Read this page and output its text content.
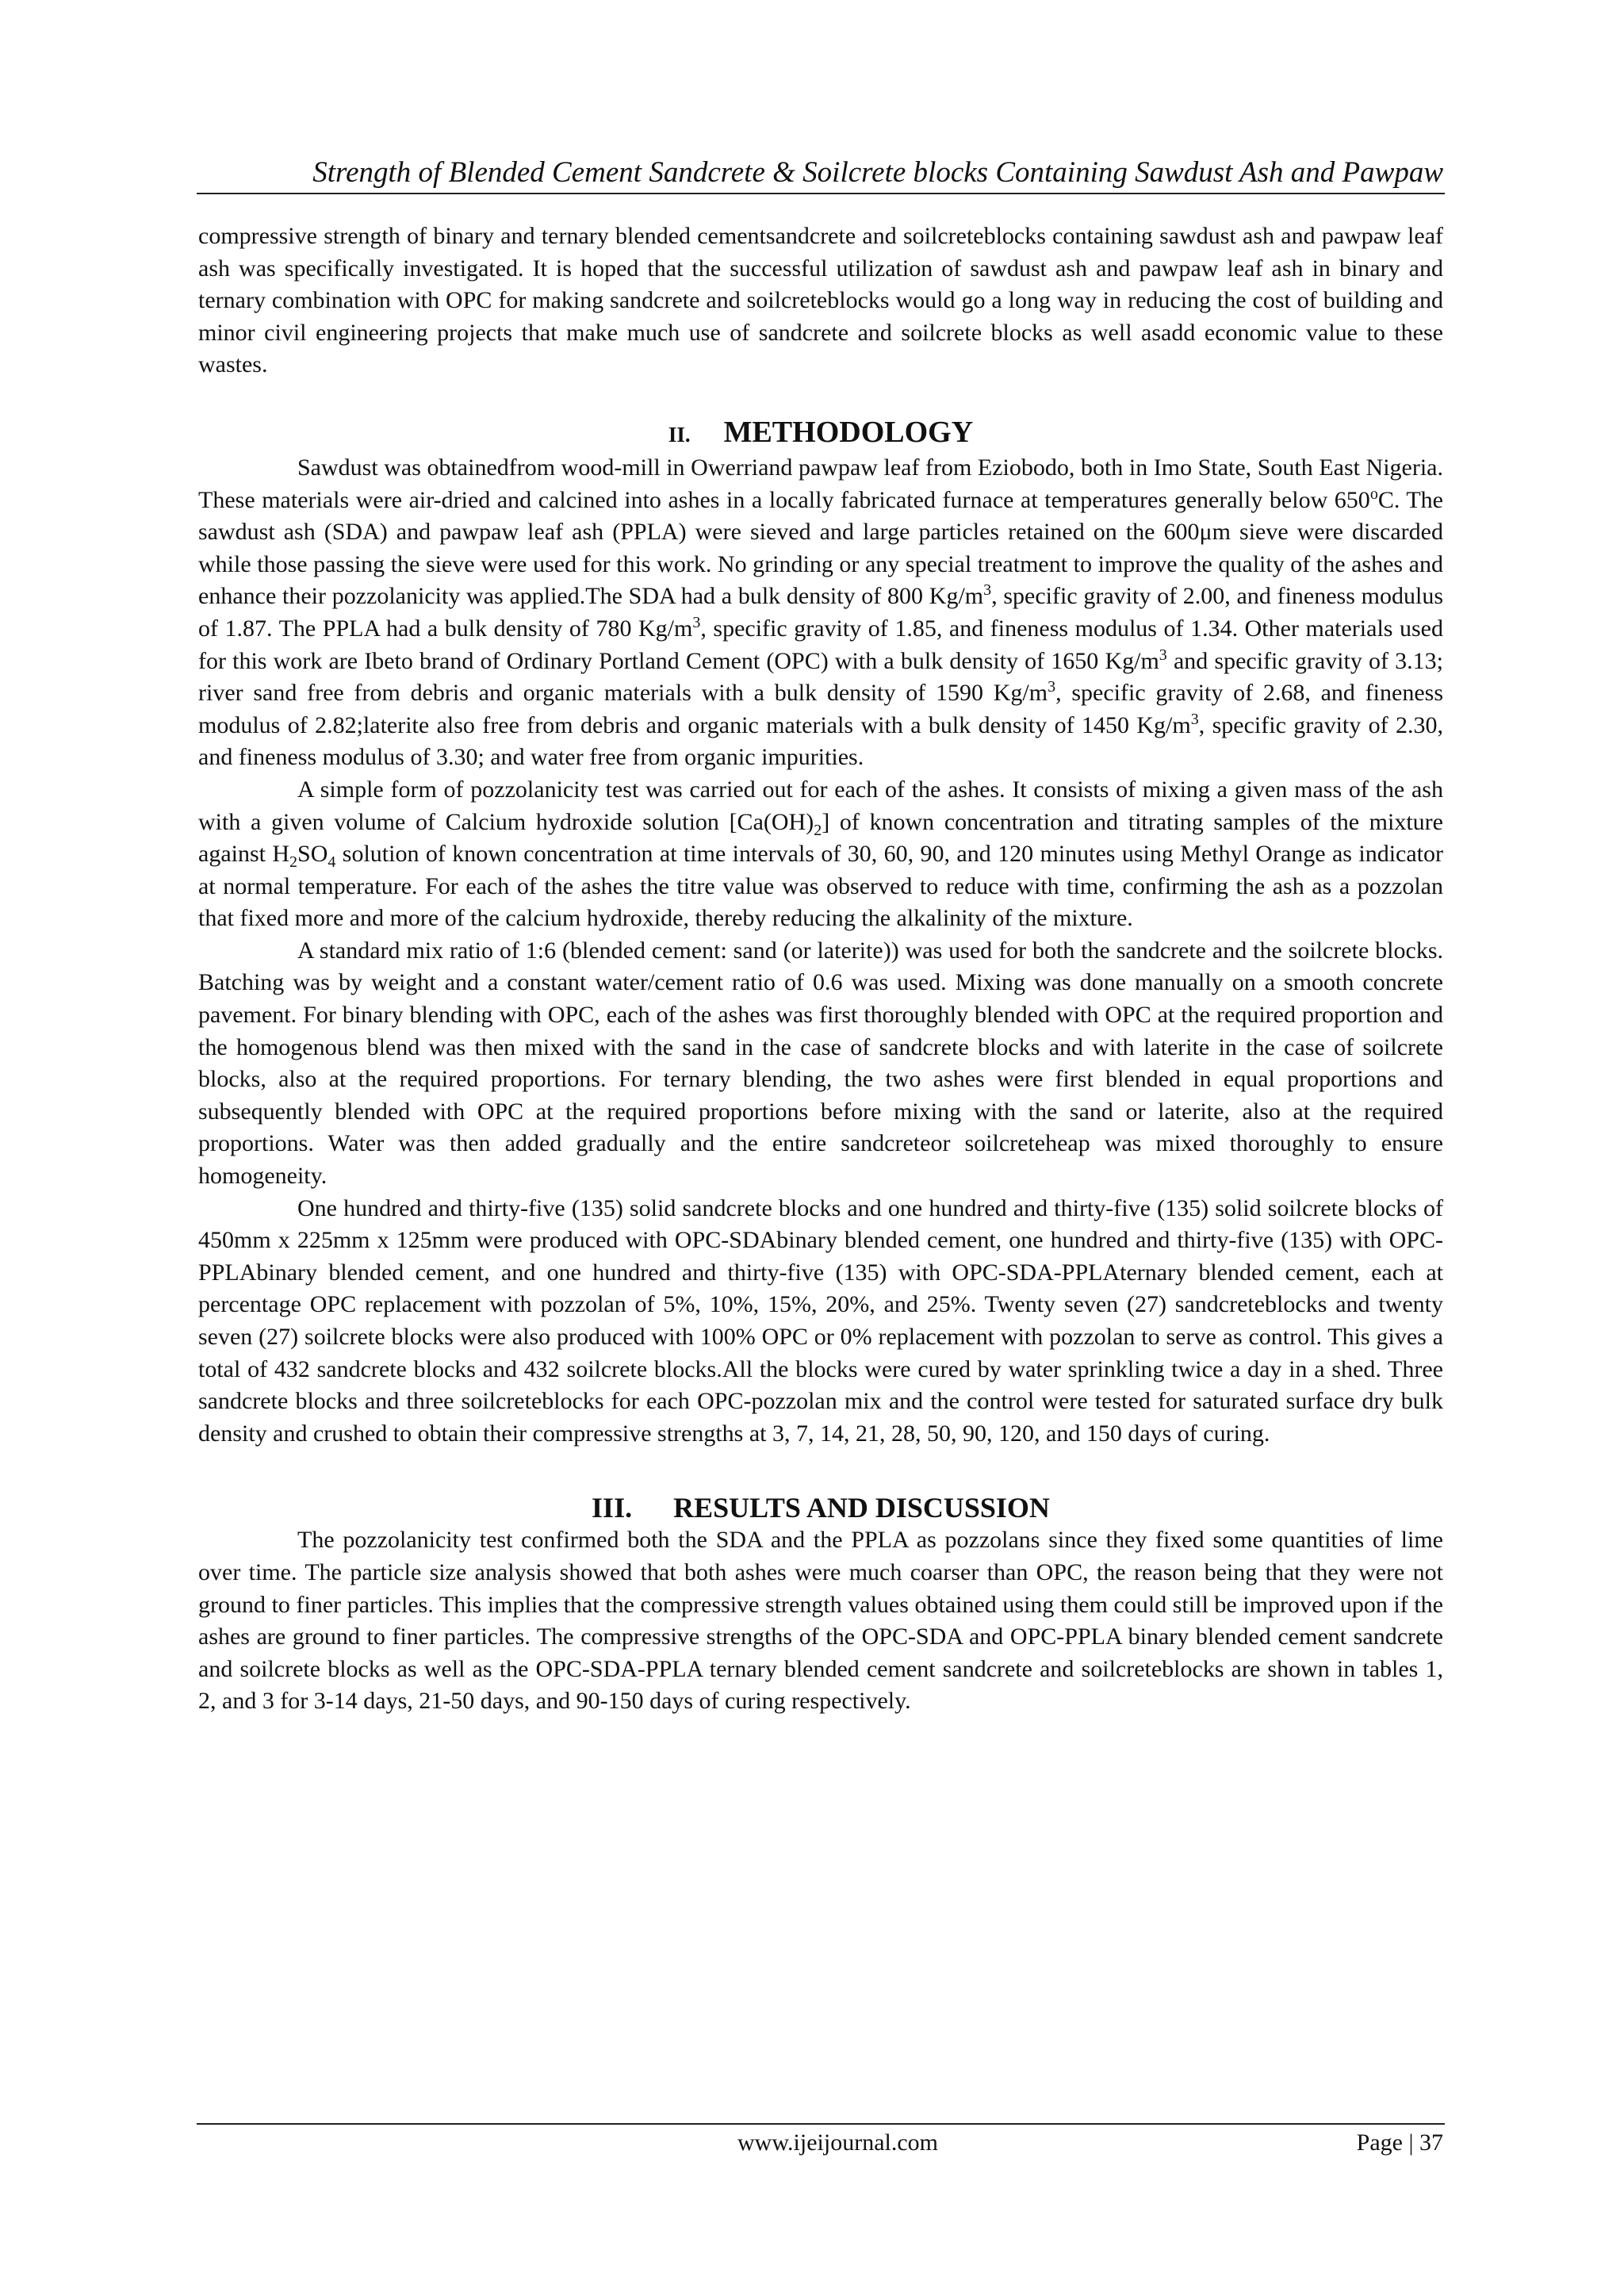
Strength of Blended Cement Sandcrete & Soilcrete blocks Containing Sawdust Ash and Pawpaw

compressive strength of binary and ternary blended cementsandcrete and soilcreteblocks containing sawdust ash and pawpaw leaf ash was specifically investigated. It is hoped that the successful utilization of sawdust ash and pawpaw leaf ash in binary and ternary combination with OPC for making sandcrete and soilcreteblocks would go a long way in reducing the cost of building and minor civil engineering projects that make much use of sandcrete and soilcrete blocks as well asadd economic value to these wastes.

II. METHODOLOGY

Sawdust was obtainedfrom wood-mill in Owerriand pawpaw leaf from Eziobodo, both in Imo State, South East Nigeria. These materials were air-dried and calcined into ashes in a locally fabricated furnace at temperatures generally below 650$^o$C. The sawdust ash (SDA) and pawpaw leaf ash (PPLA) were sieved and large particles retained on the 600μm sieve were discarded while those passing the sieve were used for this work. No grinding or any special treatment to improve the quality of the ashes and enhance their pozzolanicity was applied.The SDA had a bulk density of 800 $Kg/m^3$, specific gravity of 2.00, and fineness modulus of 1.87. The PPLA had a bulk density of 780 $Kg/m^3$, specific gravity of 1.85, and fineness modulus of 1.34. Other materials used for this work are Ibeto brand of Ordinary Portland Cement (OPC) with a bulk density of 1650 $Kg/m^3$ and specific gravity of 3.13; river sand free from debris and organic materials with a bulk density of 1590 $Kg/m^3$, specific gravity of 2.68, and fineness modulus of 2.82;laterite also free from debris and organic materials with a bulk density of 1450 $Kg/m^3$, specific gravity of 2.30, and fineness modulus of 3.30; and water free from organic impurities.

A simple form of pozzolanicity test was carried out for each of the ashes. It consists of mixing a given mass of the ash with a given volume of Calcium hydroxide solution $[Ca(OH)_2]$ of known concentration and titrating samples of the mixture against $H_2SO_4$ solution of known concentration at time intervals of 30, 60, 90, and 120 minutes using Methyl Orange as indicator at normal temperature. For each of the ashes the titre value was observed to reduce with time, confirming the ash as a pozzolan that fixed more and more of the calcium hydroxide, thereby reducing the alkalinity of the mixture.

A standard mix ratio of 1:6 (blended cement: sand (or laterite)) was used for both the sandcrete and the soilcrete blocks. Batching was by weight and a constant water/cement ratio of 0.6 was used. Mixing was done manually on a smooth concrete pavement. For binary blending with OPC, each of the ashes was first thoroughly blended with OPC at the required proportion and the homogenous blend was then mixed with the sand in the case of sandcrete blocks and with laterite in the case of soilcrete blocks, also at the required proportions. For ternary blending, the two ashes were first blended in equal proportions and subsequently blended with OPC at the required proportions before mixing with the sand or laterite, also at the required proportions. Water was then added gradually and the entire sandcreteor soilcreteheap was mixed thoroughly to ensure homogeneity.

One hundred and thirty-five (135) solid sandcrete blocks and one hundred and thirty-five (135) solid soilcrete blocks of 450mm x 225mm x 125mm were produced with OPC-SDAbinary blended cement, one hundred and thirty-five (135) with OPC-PPLAbinary blended cement, and one hundred and thirty-five (135) with OPC-SDA-PPLAternary blended cement, each at percentage OPC replacement with pozzolan of 5%, 10%, 15%, 20%, and 25%. Twenty seven (27) sandcreteblocks and twenty seven (27) soilcrete blocks were also produced with 100% OPC or 0% replacement with pozzolan to serve as control. This gives a total of 432 sandcrete blocks and 432 soilcrete blocks.All the blocks were cured by water sprinkling twice a day in a shed. Three sandcrete blocks and three soilcreteblocks for each OPC-pozzolan mix and the control were tested for saturated surface dry bulk density and crushed to obtain their compressive strengths at 3, 7, 14, 21, 28, 50, 90, 120, and 150 days of curing.

III. RESULTS AND DISCUSSION

The pozzolanicity test confirmed both the SDA and the PPLA as pozzolans since they fixed some quantities of lime over time. The particle size analysis showed that both ashes were much coarser than OPC, the reason being that they were not ground to finer particles. This implies that the compressive strength values obtained using them could still be improved upon if the ashes are ground to finer particles. The compressive strengths of the OPC-SDA and OPC-PPLA binary blended cement sandcrete and soilcrete blocks as well as the OPC-SDA-PPLA ternary blended cement sandcrete and soilcreteblocks are shown in tables 1, 2, and 3 for 3-14 days, 21-50 days, and 90-150 days of curing respectively.

www.ijeijournal.com	Page | 37
